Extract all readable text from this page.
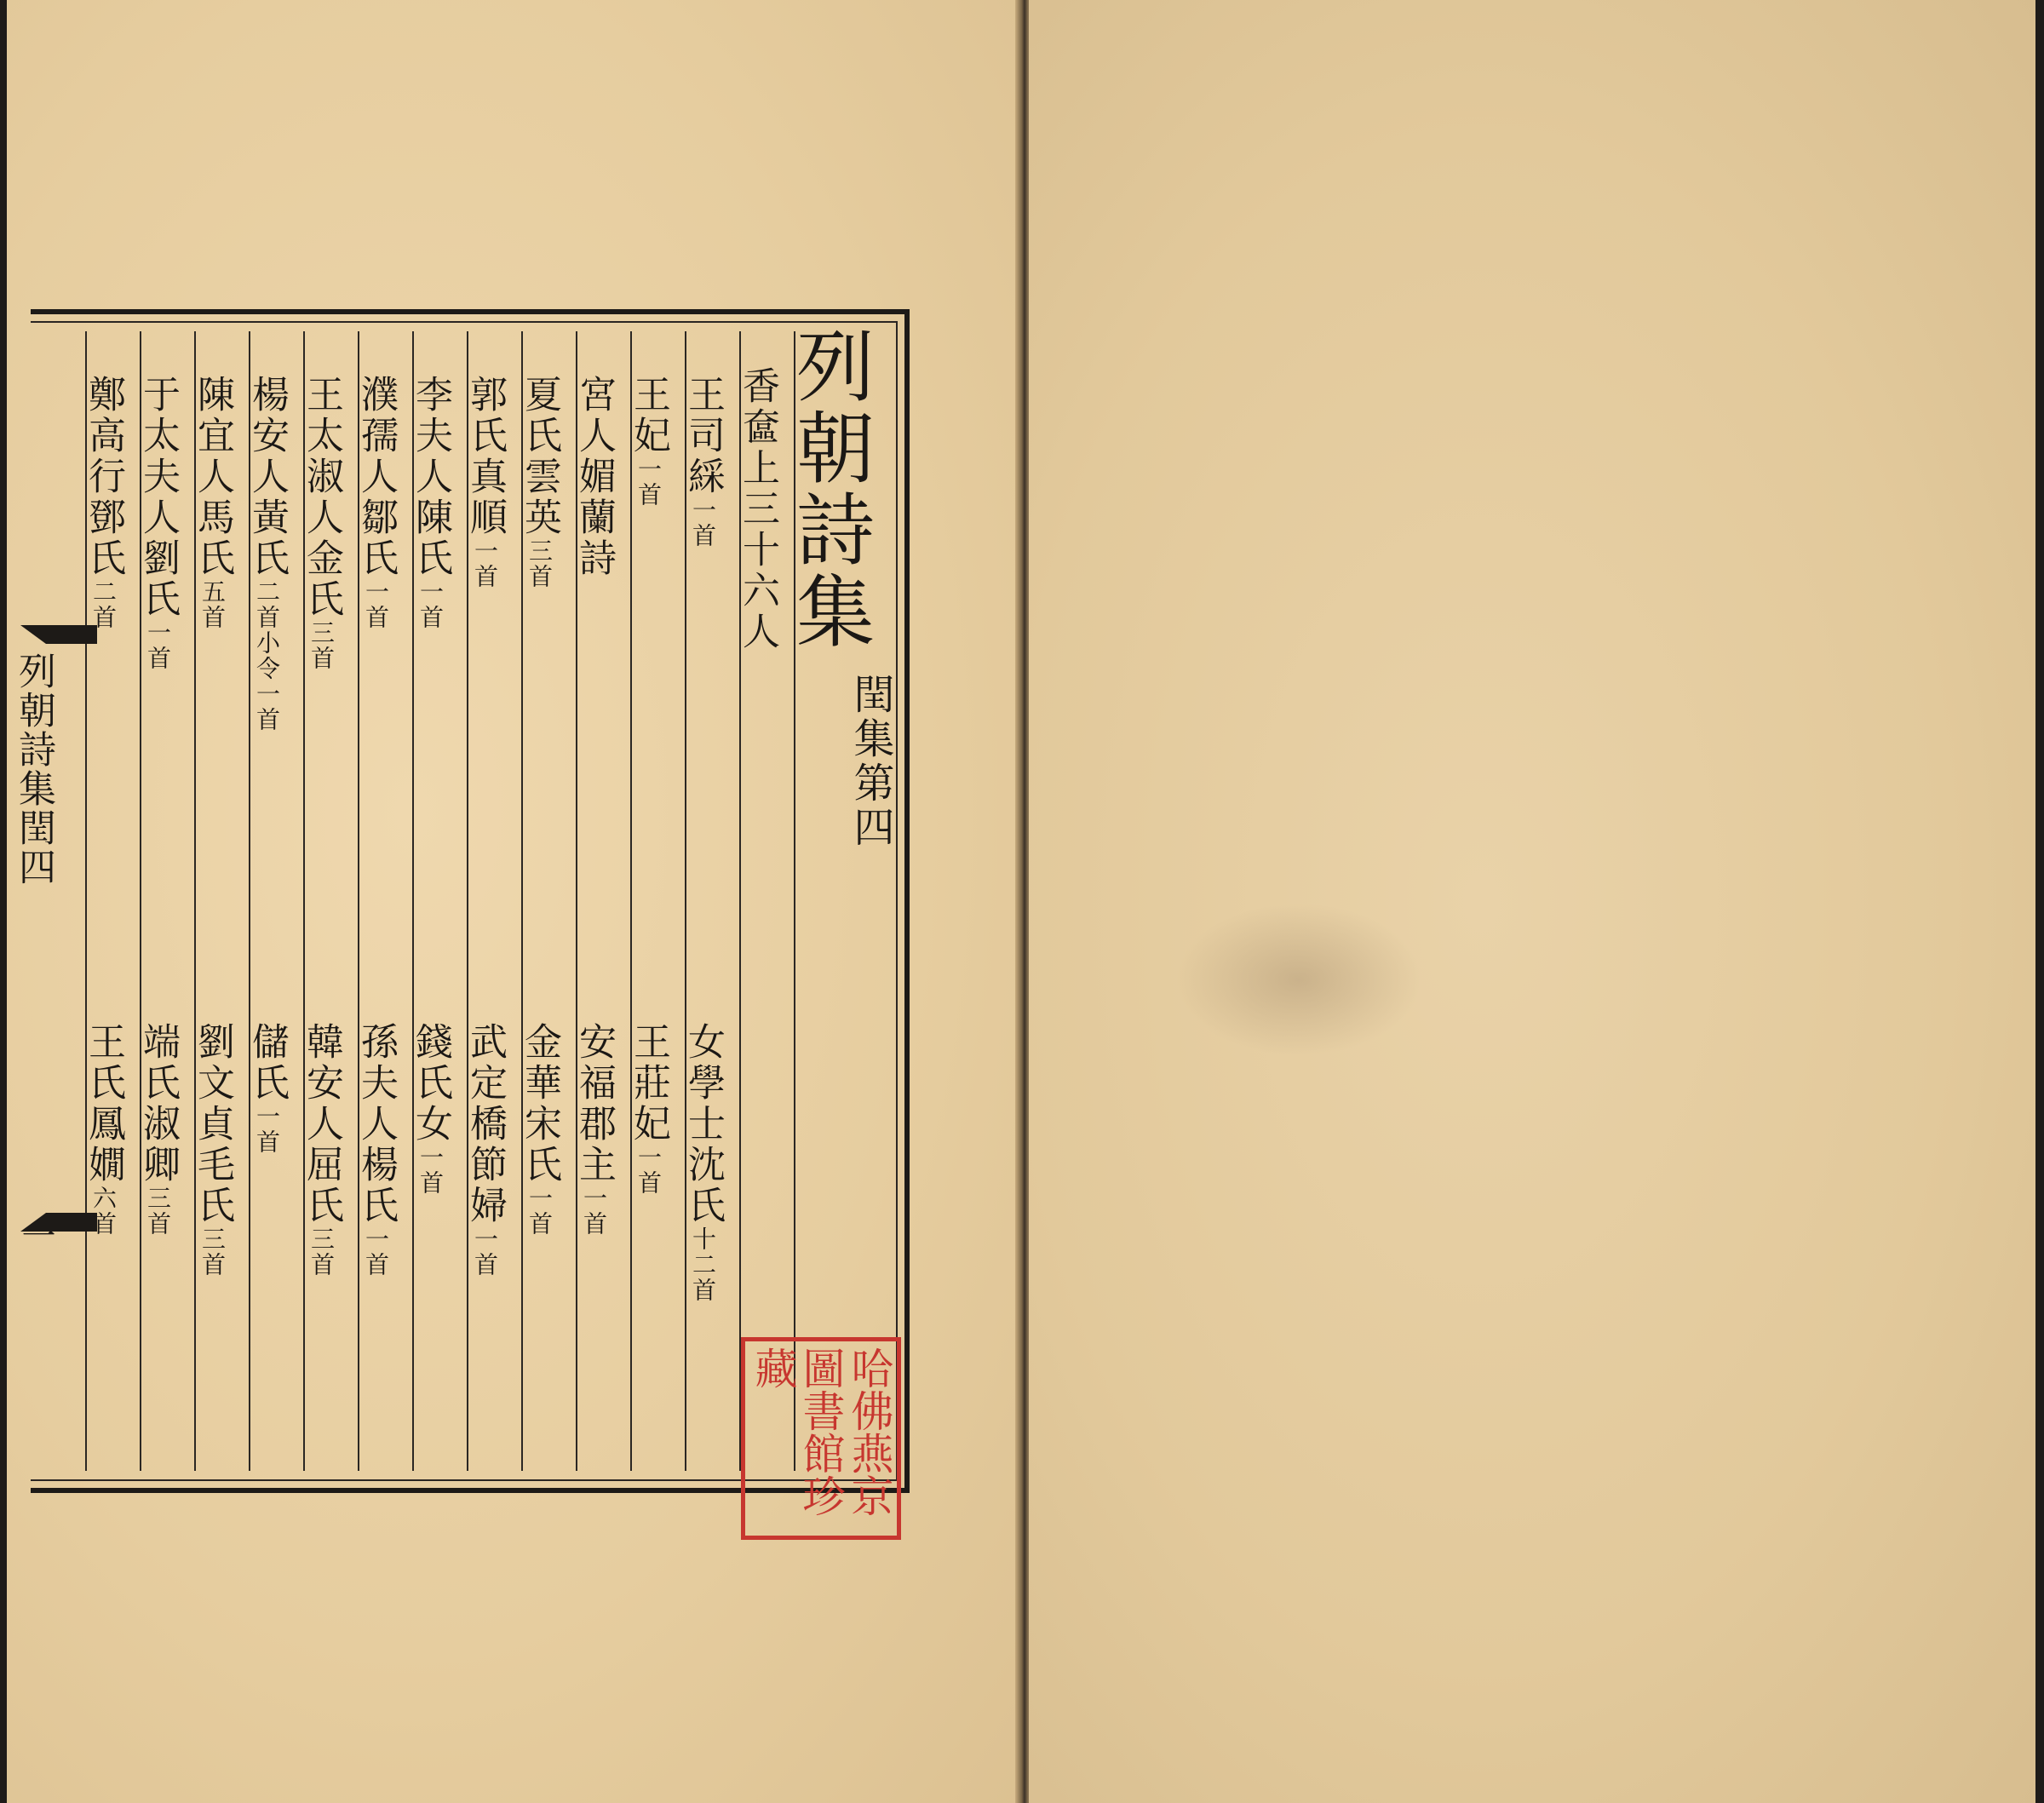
列朝詩集閏四
一
列朝詩集
閏集第四
香奩上三十六人
王司綵一首
王妃一首
宮人媚蘭詩
夏氏雲英三首
郭氏真順一首
李夫人陳氏一首
濮孺人鄒氏一首
王太淑人金氏三首
楊安人黃氏二首小令一首
陳宜人馬氏五首
于太夫人劉氏一首
鄭高行鄧氏二首
女學士沈氏十二首
王莊妃一首
安福郡主一首
金華宋氏一首
武定橋節婦一首
錢氏女一首
孫夫人楊氏一首
韓安人屈氏三首
儲氏一首
劉文貞毛氏三首
端氏淑卿三首
王氏鳳嫺六首
哈佛燕京
圖書館珍藏
